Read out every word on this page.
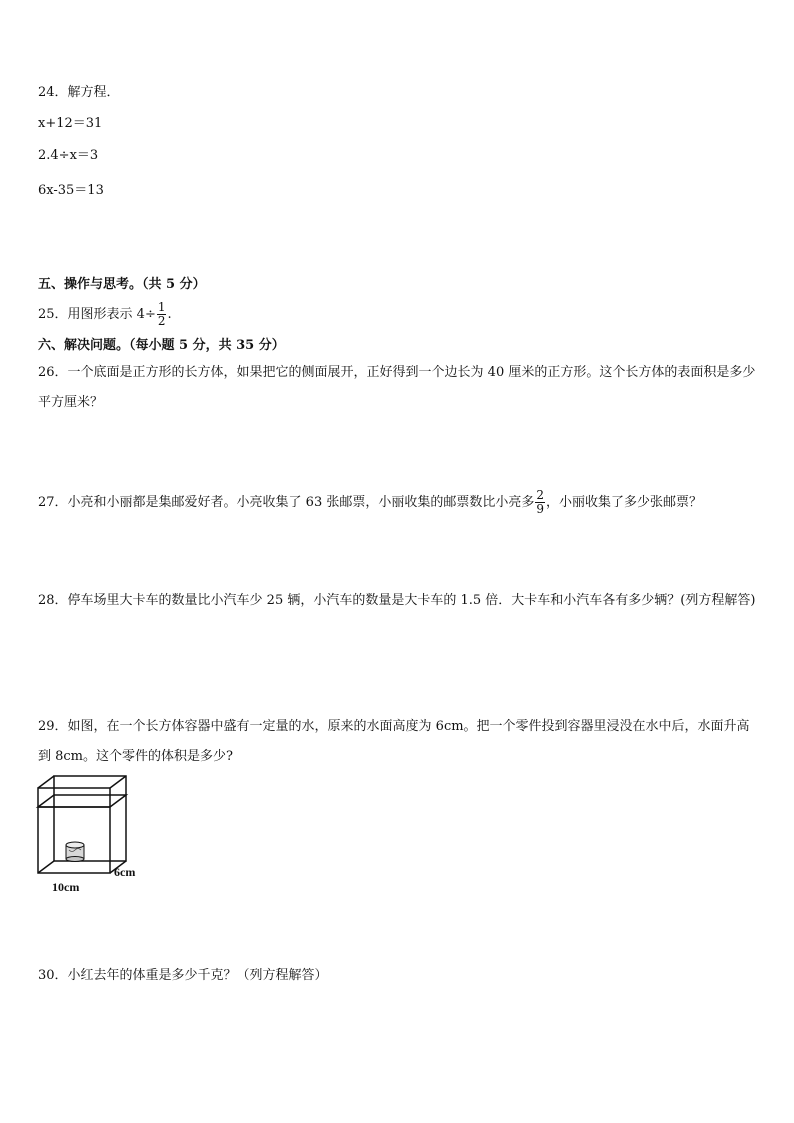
24．解方程．
x+12＝31
2.4÷x＝3
6x-35＝13
五、操作与思考。（共 5 分）
25．用图形表示 $4\div \frac{1}{2}$ .
六、解决问题。（每小题 5 分，共 35 分）
26．一个底面是正方形的长方体，如果把它的侧面展开，正好得到一个边长为 40 厘米的正方形。这个长方体的表面积是多少平方厘米？
27．小亮和小丽都是集邮爱好者。小亮收集了 63 张邮票，小丽收集的邮票数比小亮多 $\frac{2}{9}$ ，小丽收集了多少张邮票？
28．停车场里大卡车的数量比小汽车少 25 辆，小汽车的数量是大卡车的 1.5 倍．大卡车和小汽车各有多少辆？(列方程解答)
29．如图，在一个长方体容器中盛有一定量的水，原来的水面高度为 6cm。把一个零件投到容器里浸没在水中后，水面升高到 8cm。这个零件的体积是多少?
6cm
10cm
30．小红去年的体重是多少千克？（列方程解答）
